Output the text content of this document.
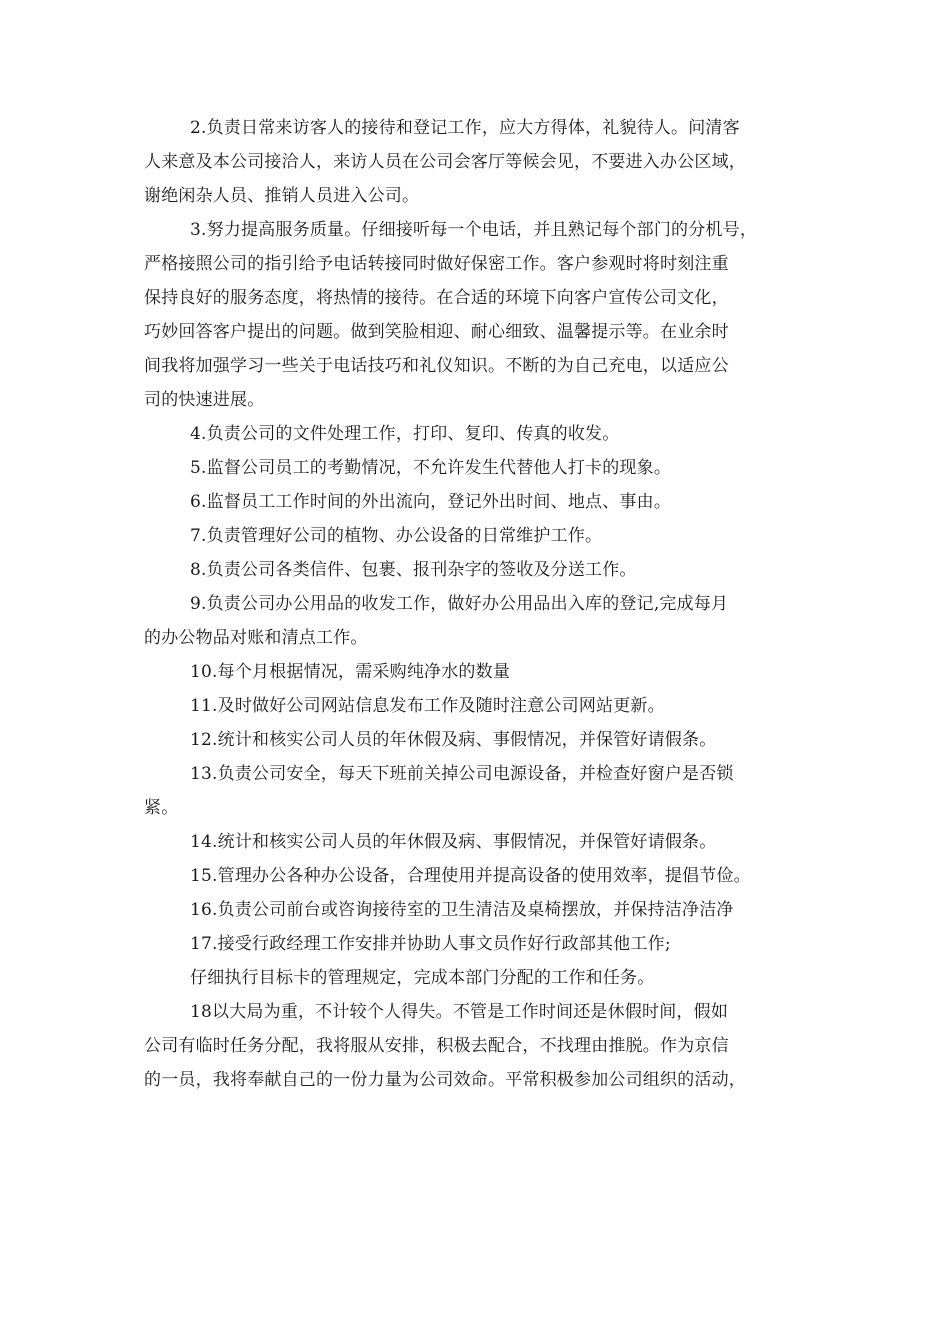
2.负责日常来访客人的接待和登记工作，应大方得体，礼貌待人。问清客
人来意及本公司接洽人，来访人员在公司会客厅等候会见，不要进入办公区域，
谢绝闲杂人员、推销人员进入公司。
3.努力提高服务质量。仔细接听每一个电话，并且熟记每个部门的分机号，
严格接照公司的指引给予电话转接同时做好保密工作。客户参观时将时刻注重
保持良好的服务态度，将热情的接待。在合适的环境下向客户宣传公司文化，
巧妙回答客户提出的问题。做到笑脸相迎、耐心细致、温馨提示等。在业余时
间我将加强学习一些关于电话技巧和礼仪知识。不断的为自己充电，以适应公
司的快速进展。
4.负责公司的文件处理工作，打印、复印、传真的收发。
5.监督公司员工的考勤情况，不允许发生代替他人打卡的现象。
6.监督员工工作时间的外出流向，登记外出时间、地点、事由。
7.负责管理好公司的植物、办公设备的日常维护工作。
8.负责公司各类信件、包裹、报刊杂字的签收及分送工作。
9.负责公司办公用品的收发工作，做好办公用品出入库的登记,完成每月
的办公物品对账和清点工作。
10.每个月根据情况，需采购纯净水的数量
11.及时做好公司网站信息发布工作及随时注意公司网站更新。
12.统计和核实公司人员的年休假及病、事假情况，并保管好请假条。
13.负责公司安全，每天下班前关掉公司电源设备，并检查好窗户是否锁
紧。
14.统计和核实公司人员的年休假及病、事假情况，并保管好请假条。
15.管理办公各种办公设备，合理使用并提高设备的使用效率，提倡节俭。
16.负责公司前台或咨询接待室的卫生清洁及桌椅摆放，并保持洁净洁净
17.接受行政经理工作安排并协助人事文员作好行政部其他工作;
仔细执行目标卡的管理规定，完成本部门分配的工作和任务。
18以大局为重，不计较个人得失。不管是工作时间还是休假时间，假如
公司有临时任务分配，我将服从安排，积极去配合，不找理由推脱。作为京信
的一员，我将奉献自己的一份力量为公司效命。平常积极参加公司组织的活动，
